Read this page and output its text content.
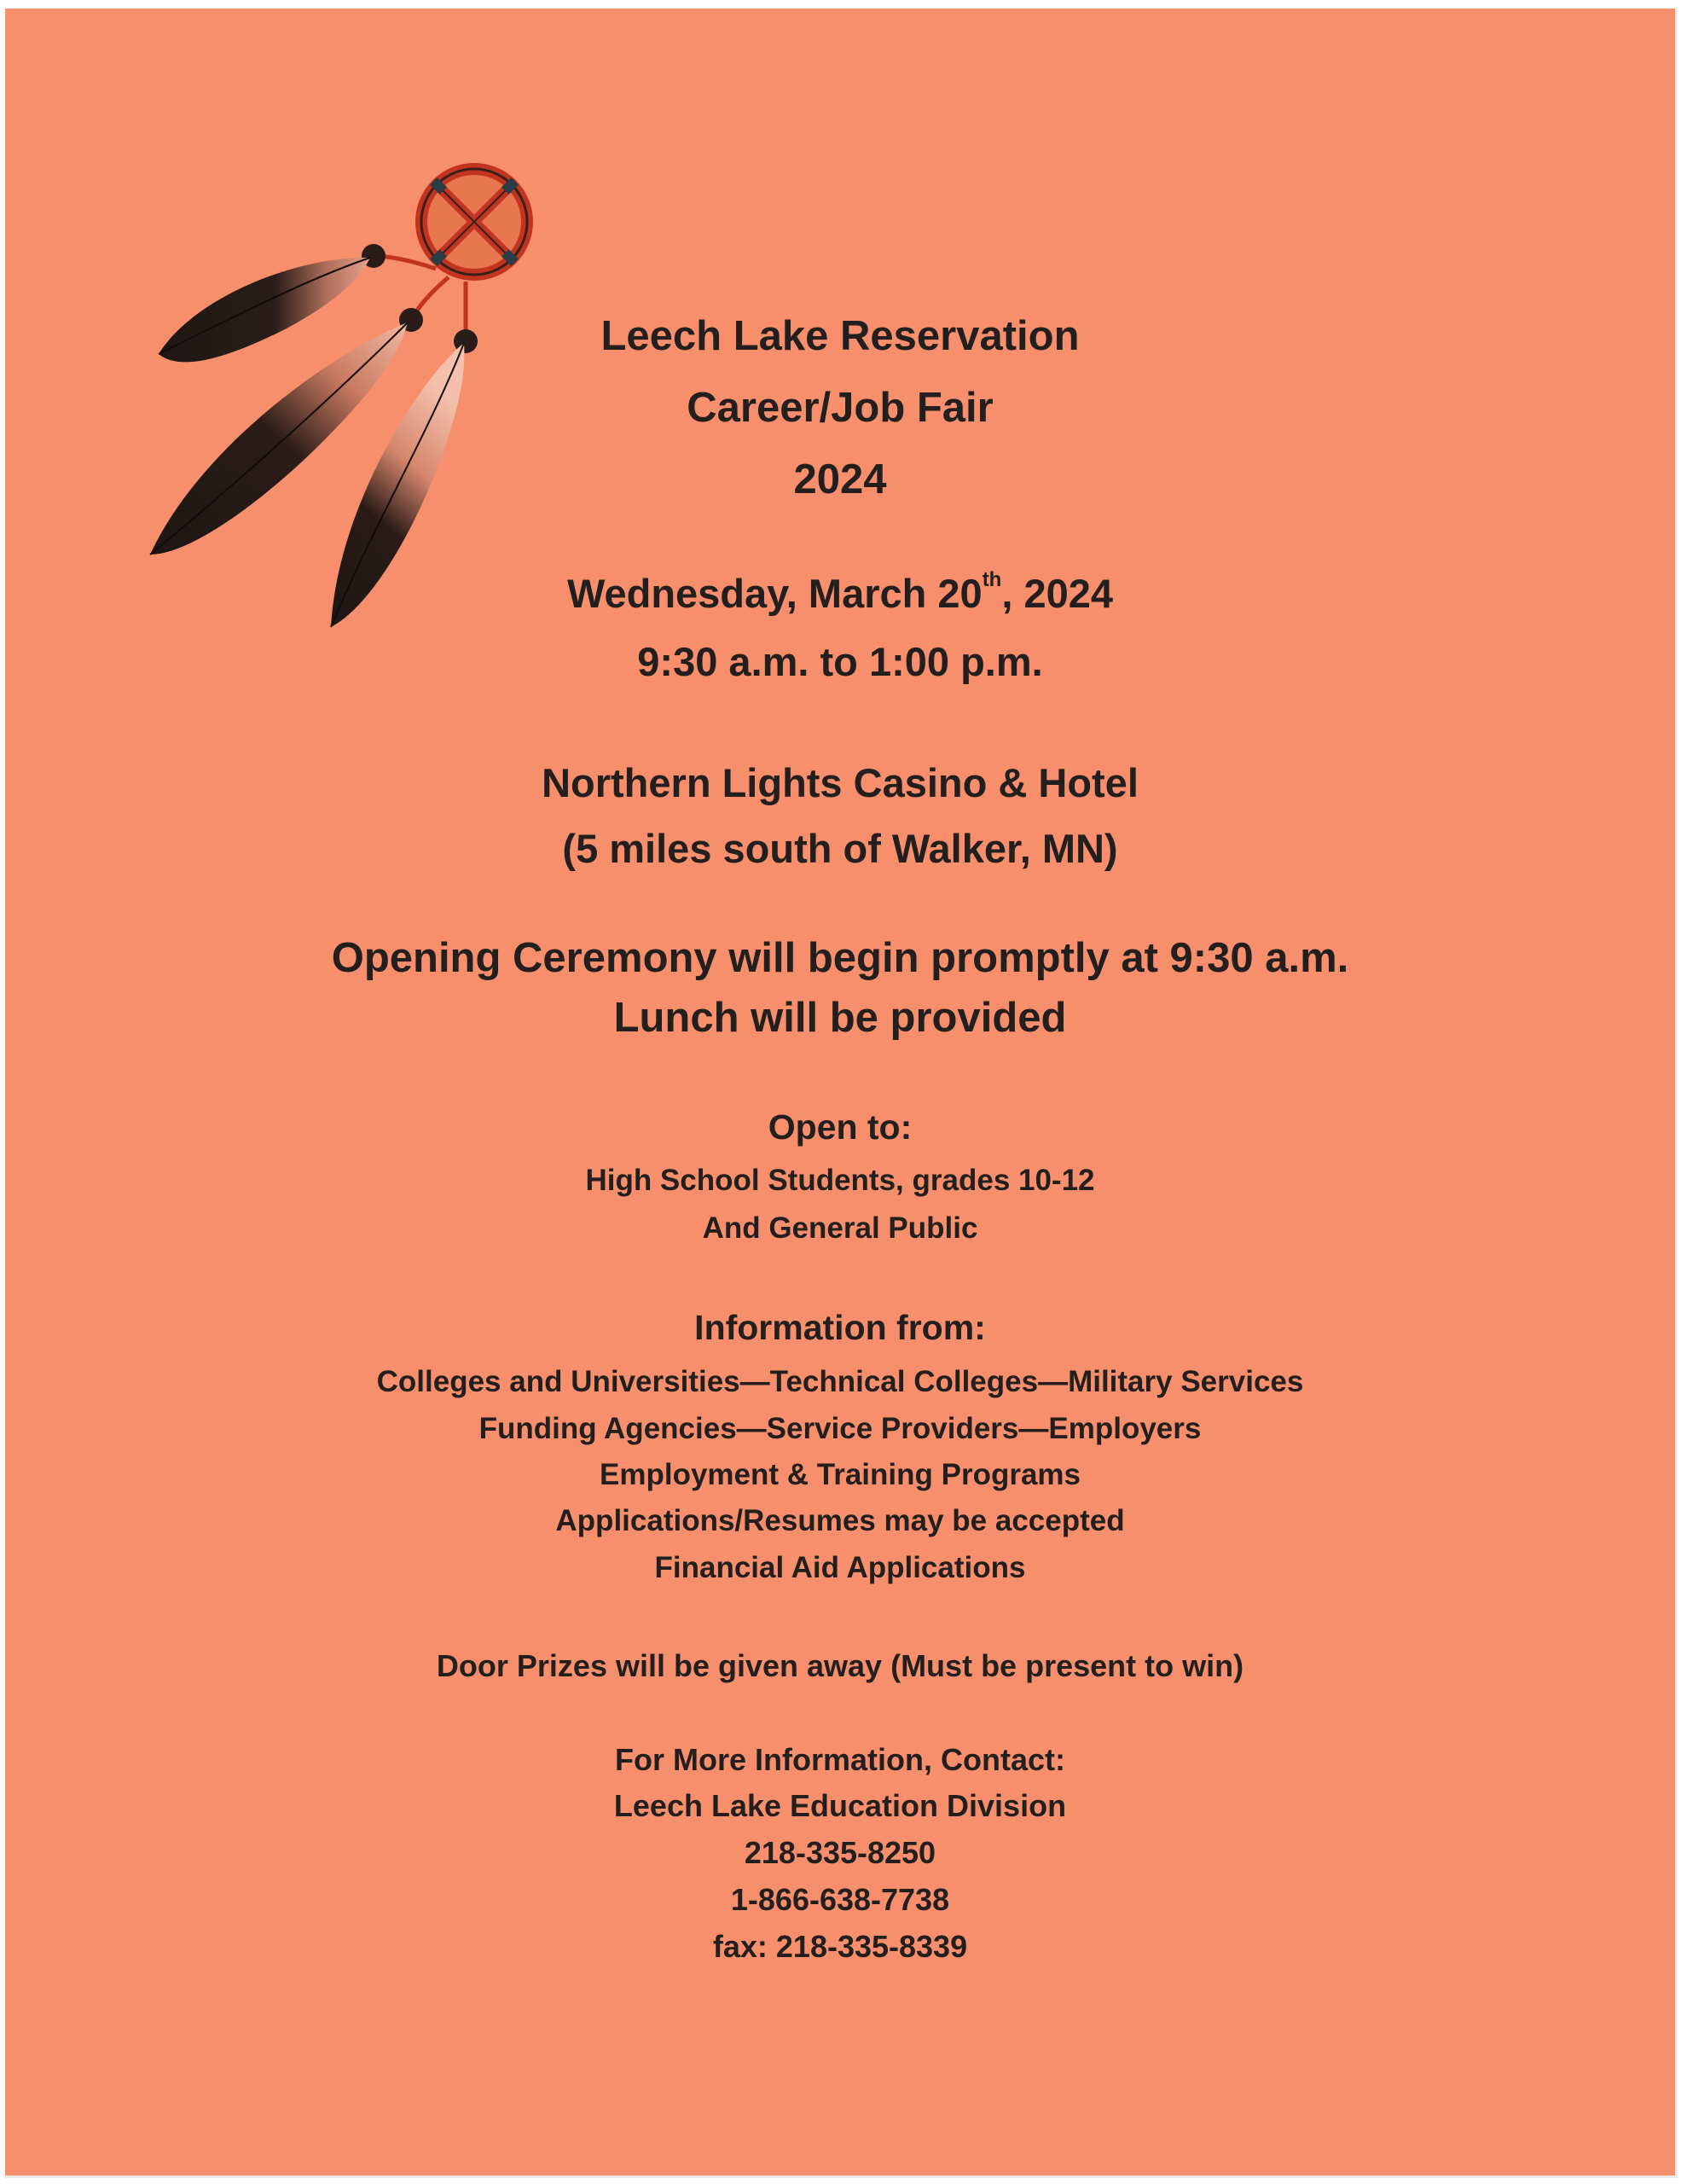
Leech Lake Reservation

Career/Job Fair

2024

Wednesday, March 20th, 2024

9:30 a.m. to 1:00 p.m.

Northern Lights Casino & Hotel

(5 miles south of Walker, MN)

Opening Ceremony will begin promptly at 9:30 a.m.

Lunch will be provided

Open to:

High School Students, grades 10-12

And General Public

Information from:

Colleges and Universities—Technical Colleges—Military Services

Funding Agencies—Service Providers—Employers

Employment & Training Programs

Applications/Resumes may be accepted

Financial Aid Applications

Door Prizes will be given away (Must be present to win)

For More Information, Contact:

Leech Lake Education Division

218-335-8250

1-866-638-7738

fax: 218-335-8339
